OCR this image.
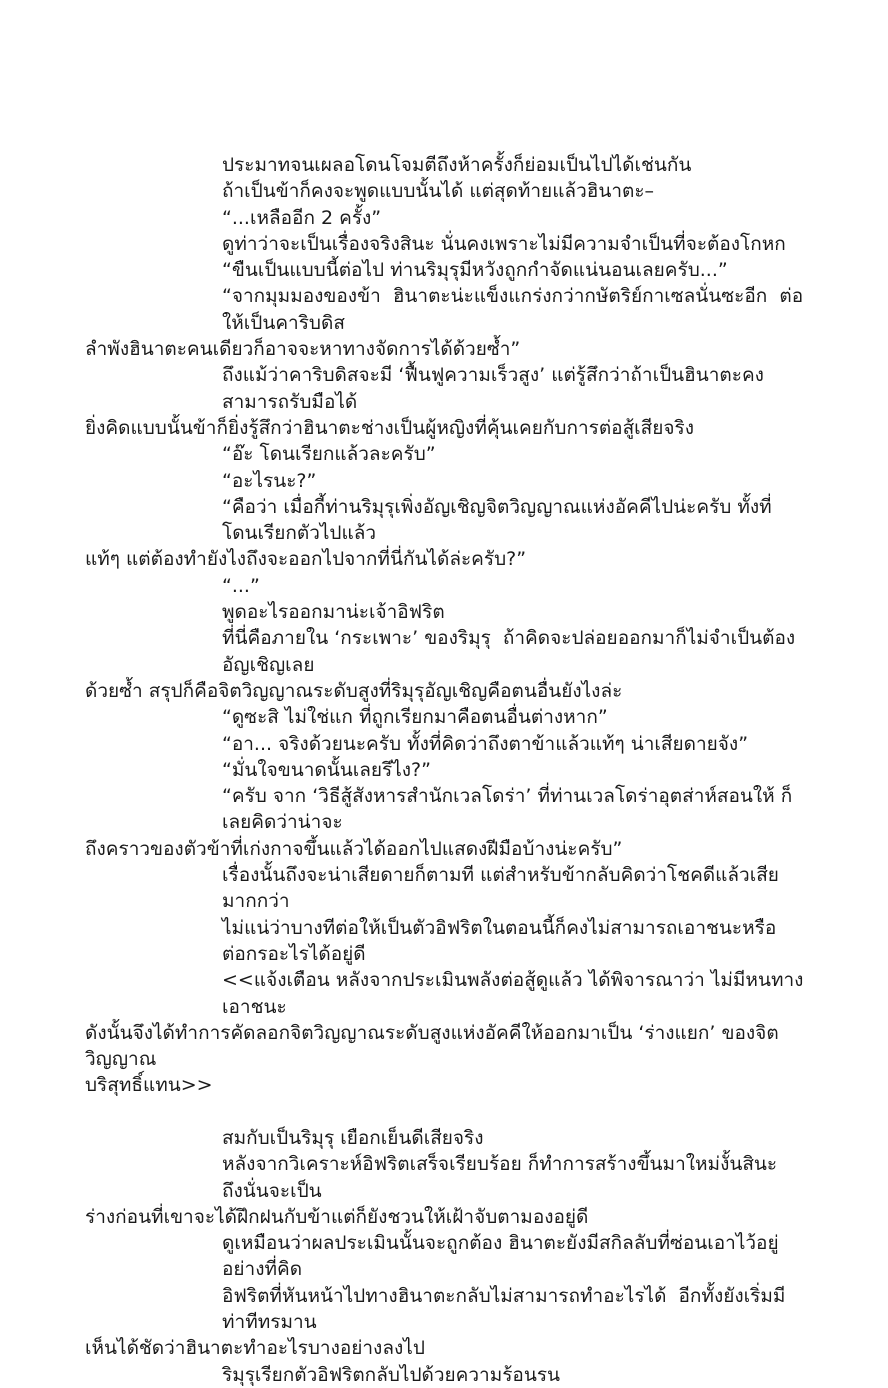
ประมาทจนเผลอโดนโจมตีถึงห้าครั้งก็ย่อมเป็นไปได้เช่นกัน
ถ้าเป็นข้าก็คงจะพูดแบบนั้นได้ แต่สุดท้ายแล้วฮินาตะ–
“...เหลืออีก 2 ครั้ง”
ดูท่าว่าจะเป็นเรื่องจริงสินะ นั่นคงเพราะไม่มีความจำเป็นที่จะต้องโกหก
“ขืนเป็นแบบนี้ต่อไป ท่านริมุรุมีหวังถูกกำจัดแน่นอนเลยครับ...”
“จากมุมมองของข้า  ฮินาตะน่ะแข็งแกร่งกว่ากษัตริย์กาเซลนั่นซะอีก  ต่อให้เป็นคาริบดิส
ลำพังฮินาตะคนเดียวก็อาจจะหาทางจัดการได้ด้วยซ้ำ”
ถึงแม้ว่าคาริบดิสจะมี ‘ฟื้นฟูความเร็วสูง’ แต่รู้สึกว่าถ้าเป็นฮินาตะคงสามารถรับมือได้
ยิ่งคิดแบบนั้นข้าก็ยิ่งรู้สึกว่าฮินาตะช่างเป็นผู้หญิงที่คุ้นเคยกับการต่อสู้เสียจริง
“อ๊ะ โดนเรียกแล้วละครับ”
“อะไรนะ?”
“คือว่า เมื่อกี้ท่านริมุรุเพิ่งอัญเชิญจิตวิญญาณแห่งอัคคีไปน่ะครับ ทั้งที่โดนเรียกตัวไปแล้ว
แท้ๆ แต่ต้องทำยังไงถึงจะออกไปจากที่นี่กันได้ล่ะครับ?”
“...”
พูดอะไรออกมาน่ะเจ้าอิฟริต
ที่นี่คือภายใน ‘กระเพาะ’ ของริมุรุ  ถ้าคิดจะปล่อยออกมาก็ไม่จำเป็นต้องอัญเชิญเลย
ด้วยซ้ำ สรุปก็คือจิตวิญญาณระดับสูงที่ริมุรุอัญเชิญคือตนอื่นยังไงล่ะ
“ดูซะสิ ไม่ใช่แก ที่ถูกเรียกมาคือตนอื่นต่างหาก”
“อา... จริงด้วยนะครับ ทั้งที่คิดว่าถึงตาข้าแล้วแท้ๆ น่าเสียดายจัง”
“มั่นใจขนาดนั้นเลยรึไง?”
“ครับ จาก ‘วิธีสู้สังหารสำนักเวลโดร่า’ ที่ท่านเวลโดร่าอุตส่าห์สอนให้ ก็เลยคิดว่าน่าจะ
ถึงคราวของตัวข้าที่เก่งกาจขึ้นแล้วได้ออกไปแสดงฝีมือบ้างน่ะครับ”
เรื่องนั้นถึงจะน่าเสียดายก็ตามที แต่สำหรับข้ากลับคิดว่าโชคดีแล้วเสียมากกว่า
ไม่แน่ว่าบางทีต่อให้เป็นตัวอิฟริตในตอนนี้ก็คงไม่สามารถเอาชนะหรือต่อกรอะไรได้อยู่ดี
<<แจ้งเตือน หลังจากประเมินพลังต่อสู้ดูแล้ว ได้พิจารณาว่า ไม่มีหนทางเอาชนะ
ดังนั้นจึงได้ทำการคัดลอกจิตวิญญาณระดับสูงแห่งอัคคีให้ออกมาเป็น ‘ร่างแยก’ ของจิตวิญญาณ
บริสุทธิ์แทน>>
สมกับเป็นริมุรุ เยือกเย็นดีเสียจริง
หลังจากวิเคราะห์อิฟริตเสร็จเรียบร้อย ก็ทำการสร้างขึ้นมาใหม่งั้นสินะ  ถึงนั่นจะเป็น
ร่างก่อนที่เขาจะได้ฝึกฝนกับข้าแต่ก็ยังชวนให้เฝ้าจับตามองอยู่ดี
ดูเหมือนว่าผลประเมินนั้นจะถูกต้อง ฮินาตะยังมีสกิลลับที่ซ่อนเอาไว้อยู่อย่างที่คิด
อิฟริตที่หันหน้าไปทางฮินาตะกลับไม่สามารถทำอะไรได้  อีกทั้งยังเริ่มมีท่าทีทรมาน
เห็นได้ชัดว่าฮินาตะทำอะไรบางอย่างลงไป
ริมุรุเรียกตัวอิฟริตกลับไปด้วยความร้อนรน
